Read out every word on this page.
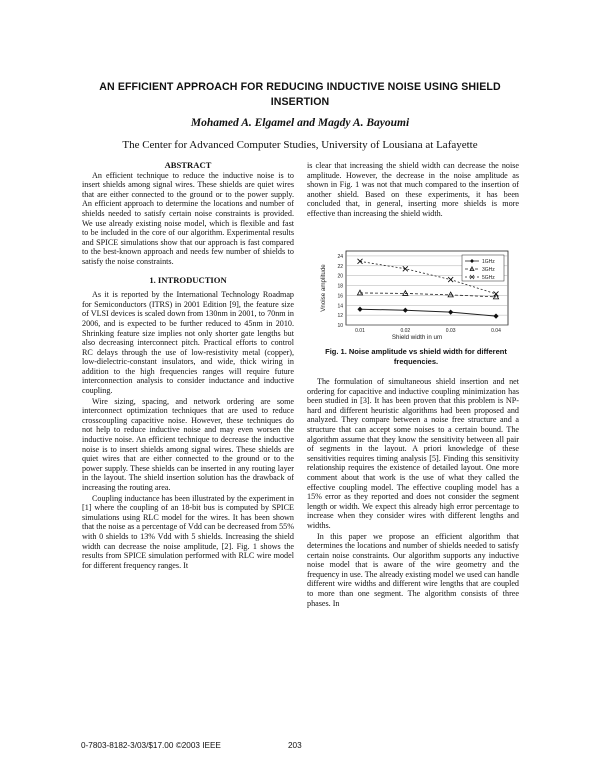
AN EFFICIENT APPROACH FOR REDUCING INDUCTIVE NOISE USING SHIELD INSERTION
Mohamed A. Elgamel and Magdy A. Bayoumi
The Center for Advanced Computer Studies, University of Lousiana at Lafayette
ABSTRACT

An efficient technique to reduce the inductive noise is to insert shields among signal wires. These shields are quiet wires that are either connected to the ground or to the power supply. An efficient approach to determine the locations and number of shields needed to satisfy certain noise constraints is provided. We use already existing noise model, which is flexible and fast to be included in the core of our algorithm. Experimental results and SPICE simulations show that our approach is fast compared to the best-known approach and needs few number of shields to satisfy the noise constraints.

1. INTRODUCTION

As it is reported by the International Technology Roadmap for Semiconductors (ITRS) in 2001 Edition [9], the feature size of VLSI devices is scaled down from 130nm in 2001, to 70nm in 2006, and is expected to be further reduced to 45nm in 2010. Shrinking feature size implies not only shorter gate lengths but also decreasing interconnect pitch. Practical efforts to control RC delays through the use of low-resistivity metal (copper), low-dielectric-constant insulators, and wide, thick wiring in addition to the high frequencies ranges will require future interconnection analysis to consider inductance and inductive coupling.

Wire sizing, spacing, and network ordering are some interconnect optimization techniques that are used to reduce crosscoupling capacitive noise. However, these techniques do not help to reduce inductive noise and may even worsen the inductive noise. An efficient technique to decrease the inductive noise is to insert shields among signal wires. These shields are quiet wires that are either connected to the ground or to the power supply. These shields can be inserted in any routing layer in the layout. The shield insertion solution has the drawback of increasing the routing area.

Coupling inductance has been illustrated by the experiment in [1] where the coupling of an 18-bit bus is computed by SPICE simulations using RLC model for the wires. It has been shown that the noise as a percentage of Vdd can be decreased from 55% with 0 shields to 13% Vdd with 5 shields. Increasing the shield width can decrease the noise amplitude, [2]. Fig. 1 shows the results from SPICE simulation performed with RLC wire model for different frequency ranges. It

is clear that increasing the shield width can decrease the noise amplitude. However, the decrease in the noise amplitude as shown in Fig. 1 was not that much compared to the insertion of another shield. Based on these experiments, it has been concluded that, in general, inserting more shields is more effective than increasing the shield width.

10
12
14
16
18
20
22
24
0.01	0.02	0.03	0.04
Shield width in um
Vnoise amplitude
1GHz
3GHz
5GHz
Fig. 1. Noise amplitude vs shield width for different frequencies.

The formulation of simultaneous shield insertion and net ordering for capacitive and inductive coupling minimization has been studied in [3]. It has been proven that this problem is NP-hard and different heuristic algorithms had been proposed and analyzed. They compare between a noise free structure and a structure that can accept some noises to a certain bound. The algorithm assume that they know the sensitivity between all pair of segments in the layout. A priori knowledge of these sensitivities requires timing analysis [5]. Finding this sensitivity relationship requires the existence of detailed layout. One more comment about that work is the use of what they called the effective coupling model. The effective coupling model has a 15% error as they reported and does not consider the segment length or width. We expect this already high error percentage to increase when they consider wires with different lengths and widths.

In this paper we propose an efficient algorithm that determines the locations and number of shields needed to satisfy certain noise constraints. Our algorithm supports any inductive noise model that is aware of the wire geometry and the frequency in use. The already existing model we used can handle different wire widths and different wire lengths that are coupled to more than one segment. The algorithm consists of three phases. In

0-7803-8182-3/03/$17.00 ©2003 IEEE	203
